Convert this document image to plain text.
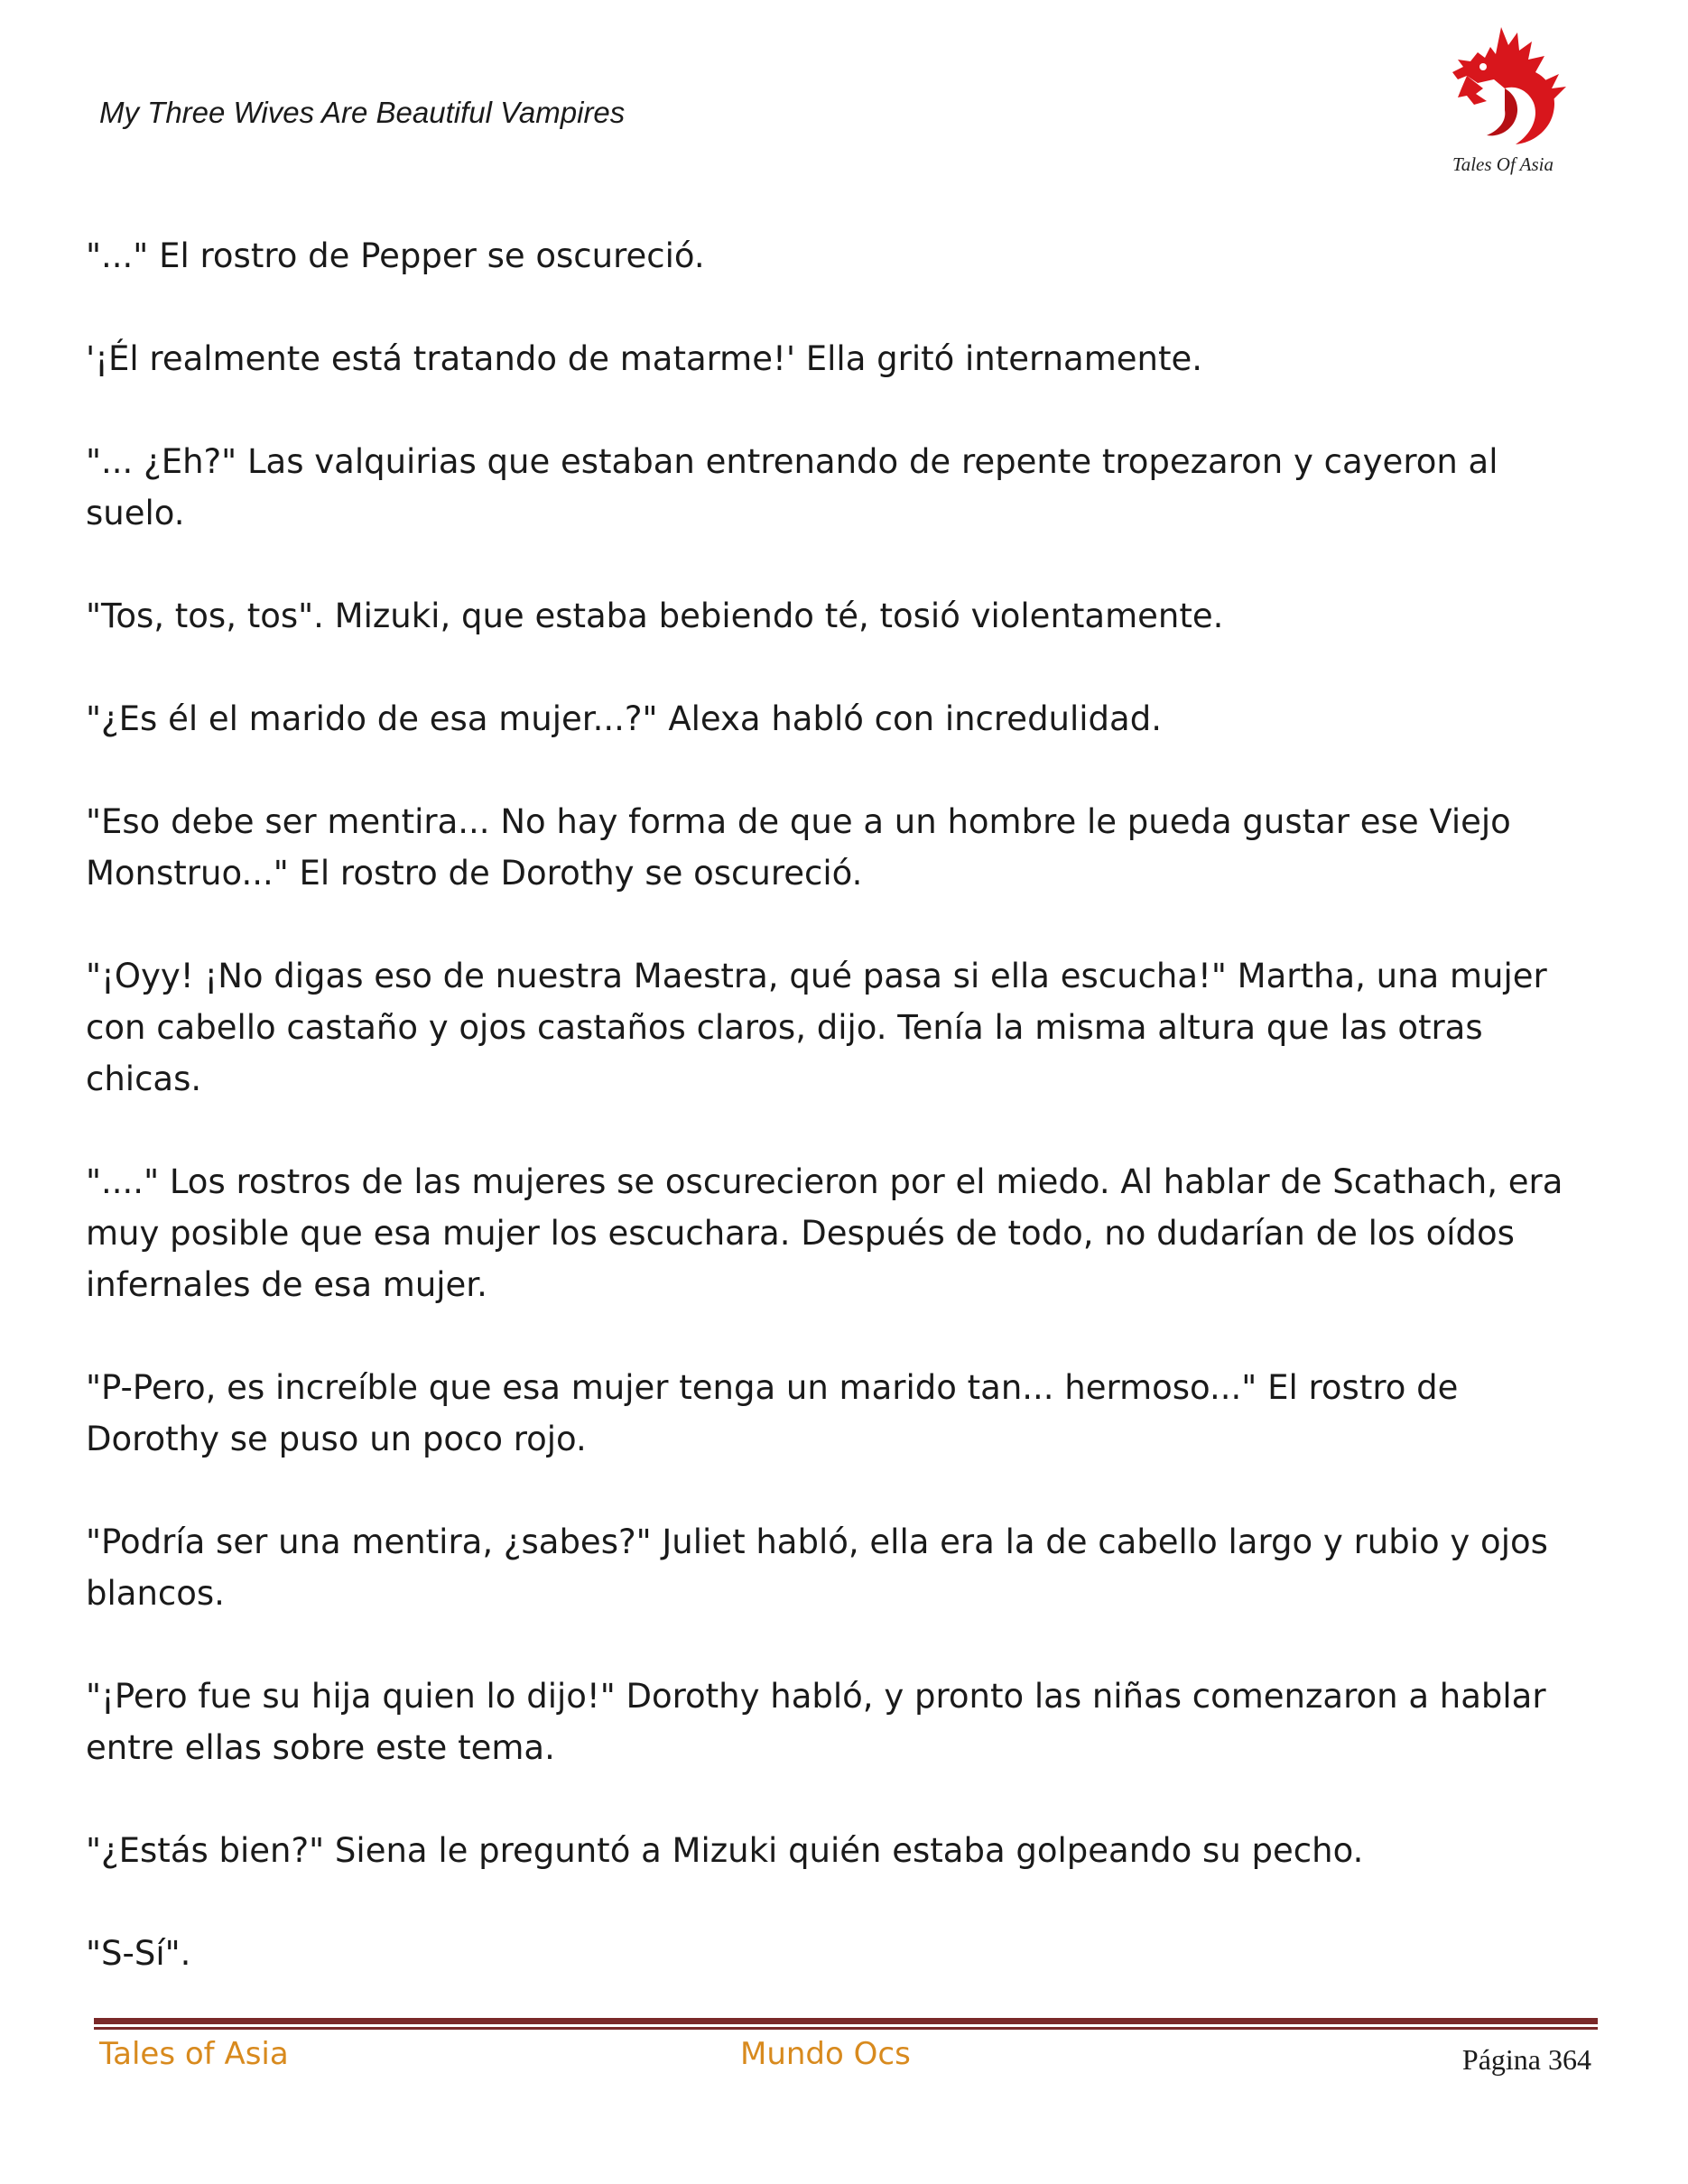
My Three Wives Are Beautiful Vampires
Tales Of Asia

"..." El rostro de Pepper se oscureció.

'¡Él realmente está tratando de matarme!' Ella gritó internamente.

"... ¿Eh?" Las valquirias que estaban entrenando de repente tropezaron y cayeron al suelo.

"Tos, tos, tos". Mizuki, que estaba bebiendo té, tosió violentamente.

"¿Es él el marido de esa mujer...?" Alexa habló con incredulidad.

"Eso debe ser mentira... No hay forma de que a un hombre le pueda gustar ese Viejo Monstruo..." El rostro de Dorothy se oscureció.

"¡Oyy! ¡No digas eso de nuestra Maestra, qué pasa si ella escucha!" Martha, una mujer con cabello castaño y ojos castaños claros, dijo. Tenía la misma altura que las otras chicas.

"...." Los rostros de las mujeres se oscurecieron por el miedo. Al hablar de Scathach, era muy posible que esa mujer los escuchara. Después de todo, no dudarían de los oídos infernales de esa mujer.

"P-Pero, es increíble que esa mujer tenga un marido tan... hermoso..." El rostro de Dorothy se puso un poco rojo.

"Podría ser una mentira, ¿sabes?" Juliet habló, ella era la de cabello largo y rubio y ojos blancos.

"¡Pero fue su hija quien lo dijo!" Dorothy habló, y pronto las niñas comenzaron a hablar entre ellas sobre este tema.

"¿Estás bien?" Siena le preguntó a Mizuki quién estaba golpeando su pecho.

"S-Sí".

Tales of Asia	Mundo Ocs	Página 364
